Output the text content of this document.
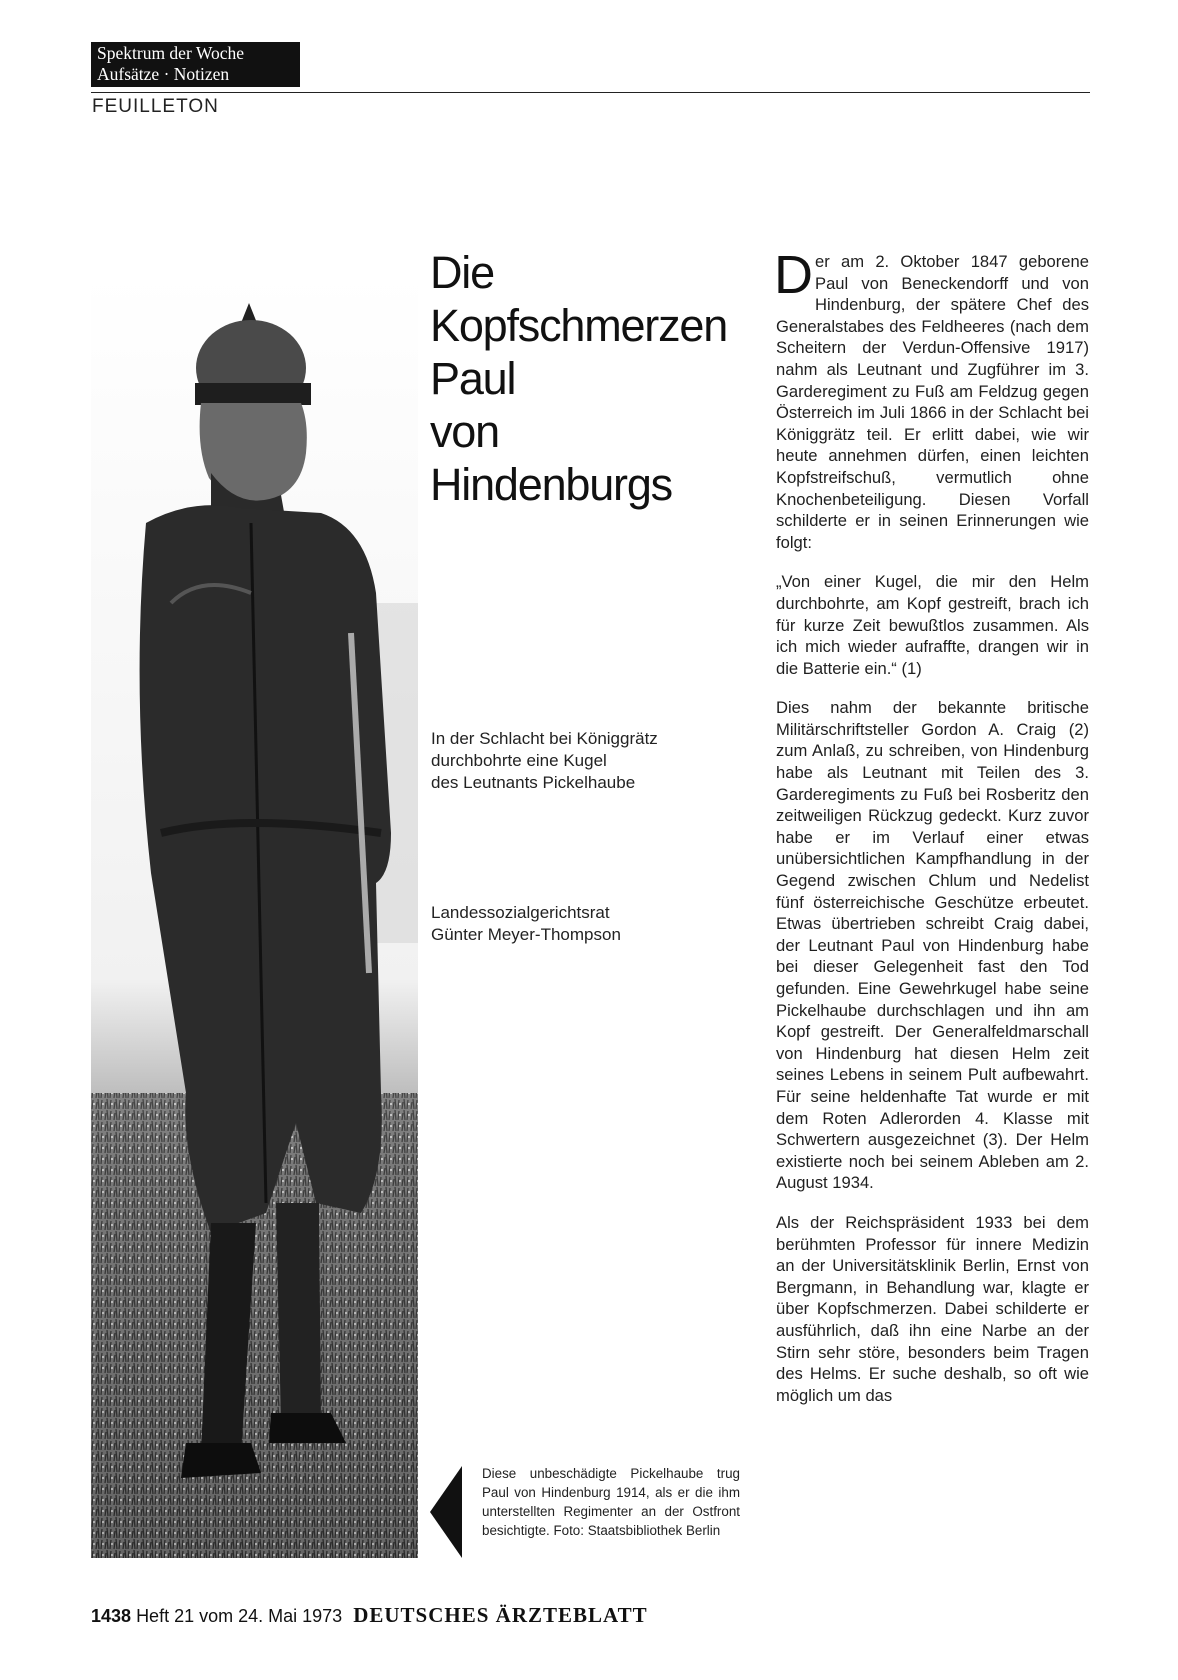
Spektrum der Woche
Aufsätze · Notizen
FEUILLETON
Die
Kopfschmerzen
Paul
von
Hindenburgs
In der Schlacht bei Königgrätz
durchbohrte eine Kugel
des Leutnants Pickelhaube
Landessozialgerichtsrat
Günter Meyer-Thompson
Diese unbeschädigte Pickelhaube trug Paul von Hindenburg 1914, als er die ihm unterstellten Regimenter an der Ostfront besichtigte. Foto: Staatsbibliothek Berlin

Der am 2. Oktober 1847 geborene Paul von Beneckendorff und von Hindenburg, der spätere Chef des Generalstabes des Feldheeres (nach dem Scheitern der Verdun-Offensive 1917) nahm als Leutnant und Zugführer im 3. Garderegiment zu Fuß am Feldzug gegen Österreich im Juli 1866 in der Schlacht bei Königgrätz teil. Er erlitt dabei, wie wir heute annehmen dürfen, einen leichten Kopfstreifschuß, vermutlich ohne Knochenbeteiligung. Diesen Vorfall schilderte er in seinen Erinnerungen wie folgt:

„Von einer Kugel, die mir den Helm durchbohrte, am Kopf gestreift, brach ich für kurze Zeit bewußtlos zusammen. Als ich mich wieder aufraffte, drangen wir in die Batterie ein.“ (1)

Dies nahm der bekannte britische Militärschriftsteller Gordon A. Craig (2) zum Anlaß, zu schreiben, von Hindenburg habe als Leutnant mit Teilen des 3. Garderegiments zu Fuß bei Rosberitz den zeitweiligen Rückzug gedeckt. Kurz zuvor habe er im Verlauf einer etwas unübersichtlichen Kampfhandlung in der Gegend zwischen Chlum und Nedelist fünf österreichische Geschütze erbeutet. Etwas übertrieben schreibt Craig dabei, der Leutnant Paul von Hindenburg habe bei dieser Gelegenheit fast den Tod gefunden. Eine Gewehrkugel habe seine Pickelhaube durchschlagen und ihn am Kopf gestreift. Der Generalfeldmarschall von Hindenburg hat diesen Helm zeit seines Lebens in seinem Pult aufbewahrt. Für seine heldenhafte Tat wurde er mit dem Roten Adlerorden 4. Klasse mit Schwertern ausgezeichnet (3). Der Helm existierte noch bei seinem Ableben am 2. August 1934.

Als der Reichspräsident 1933 bei dem berühmten Professor für innere Medizin an der Universitätsklinik Berlin, Ernst von Bergmann, in Behandlung war, klagte er über Kopfschmerzen. Dabei schilderte er ausführlich, daß ihn eine Narbe an der Stirn sehr störe, besonders beim Tragen des Helms. Er suche deshalb, so oft wie möglich um das

1438 Heft 21 vom 24. Mai 1973 DEUTSCHES ÄRZTEBLATT
